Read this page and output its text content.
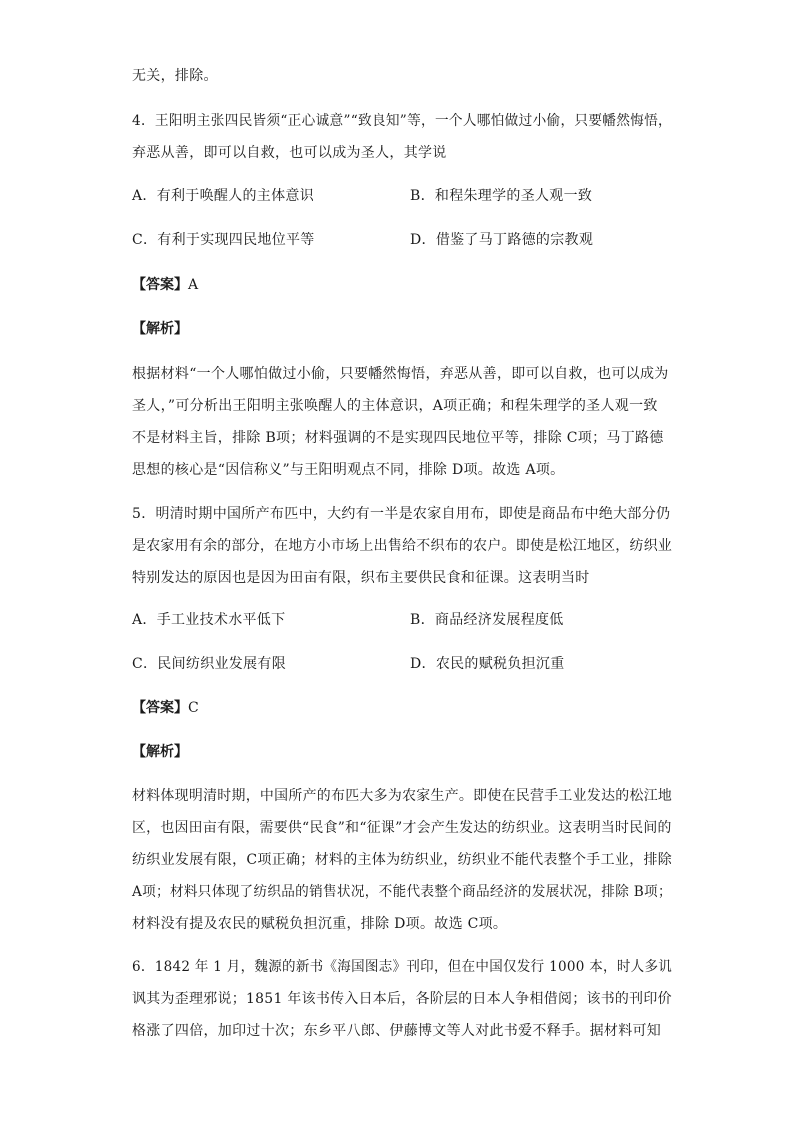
无关，排除。
4．王阳明主张四民皆须“正心诚意”“致良知”等，一个人哪怕做过小偷，只要幡然悔悟，
弃恶从善，即可以自救，也可以成为圣人，其学说
A．有利于唤醒人的主体意识	B．和程朱理学的圣人观一致
C．有利于实现四民地位平等	D．借鉴了马丁路德的宗教观
【答案】A
【解析】
根据材料“一个人哪怕做过小偷，只要幡然悔悟，弃恶从善，即可以自救，也可以成为
圣人，”可分析出王阳明主张唤醒人的主体意识，A项正确；和程朱理学的圣人观一致
不是材料主旨，排除 B项；材料强调的不是实现四民地位平等，排除 C项；马丁路德
思想的核心是“因信称义”与王阳明观点不同，排除 D项。故选 A项。
5．明清时期中国所产布匹中，大约有一半是农家自用布，即使是商品布中绝大部分仍
是农家用有余的部分，在地方小市场上出售给不织布的农户。即使是松江地区，纺织业
特别发达的原因也是因为田亩有限，织布主要供民食和征课。这表明当时
A．手工业技术水平低下	B．商品经济发展程度低
C．民间纺织业发展有限	D．农民的赋税负担沉重
【答案】C
【解析】
材料体现明清时期，中国所产的布匹大多为农家生产。即使在民营手工业发达的松江地
区，也因田亩有限，需要供“民食”和“征课”才会产生发达的纺织业。这表明当时民间的
纺织业发展有限，C项正确；材料的主体为纺织业，纺织业不能代表整个手工业，排除
A项；材料只体现了纺织品的销售状况，不能代表整个商品经济的发展状况，排除 B项；
材料没有提及农民的赋税负担沉重，排除 D项。故选 C项。
6．1842 年 1 月，魏源的新书《海国图志》刊印，但在中国仅发行 1000 本，时人多讥
讽其为歪理邪说；1851 年该书传入日本后，各阶层的日本人争相借阅；该书的刊印价
格涨了四倍，加印过十次；东乡平八郎、伊藤博文等人对此书爱不释手。据材料可知
